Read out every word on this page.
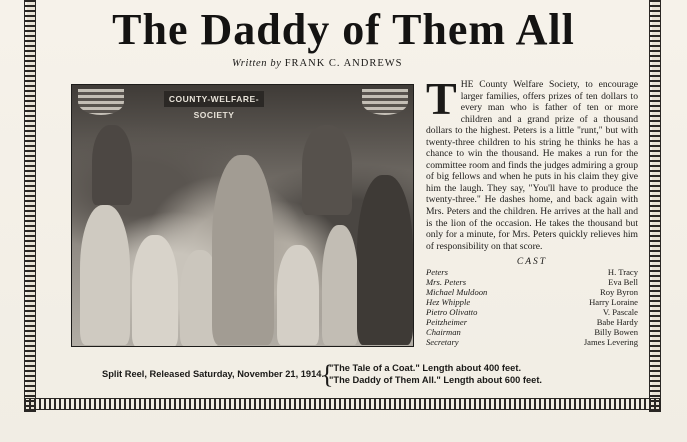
The Daddy of Them All
Written by FRANK C. ANDREWS
COUNTY-WELFARE-SOCIETY	THE County Welfare Society, to encourage larger families, offers prizes of ten dollars to every man who is father of ten or more children and a grand prize of a thousand dollars to the highest. Peters is a little "runt," but with twenty-three children to his string he thinks he has a chance to win the thousand. He makes a run for the committee room and finds the judges admiring a group of big fellows and when he puts in his claim they give him the laugh. They say, "You'll have to produce the twenty-three." He dashes home, and back again with Mrs. Peters and the children. He arrives at the hall and is the lion of the occasion. He takes the thousand but only for a minute, for Mrs. Peters quickly relieves him of responsibility on that score.
CAST
Peters	H. Tracy
Mrs. Peters	Eva Bell
Michael Muldoon	Roy Byron
Hez Whipple	Harry Loraine
Pietro Olivatto	V. Pascale
Peitzheimer	Babe Hardy
Chairman	Billy Bowen
Secretary	James Levering
Split Reel, Released Saturday, November 21, 1914.
{
"The Tale of a Coat." Length about 400 feet.
"The Daddy of Them All." Length about 600 feet.
